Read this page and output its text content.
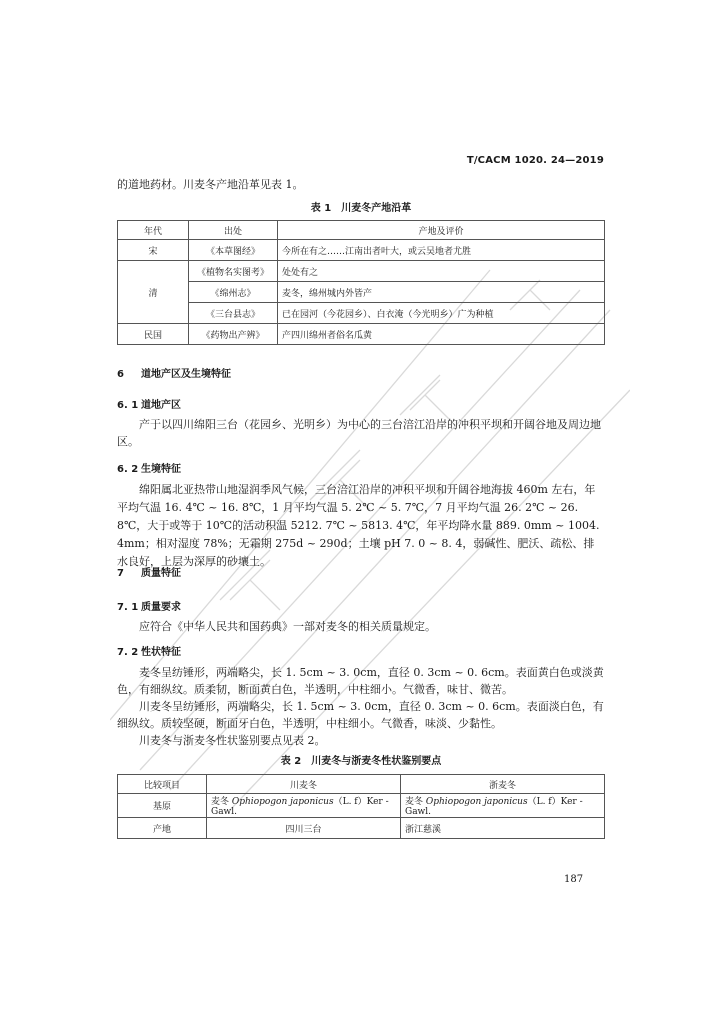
T/CACM 1020. 24—2019

的道地药材。川麦冬产地沿革见表 1。

表 1　川麦冬产地沿革
年代	出处	产地及评价
宋	《本草图经》	今所在有之……江南出者叶大，或云吴地者尤胜
清	《植物名实图考》	处处有之
	《绵州志》	麦冬，绵州城内外皆产
	《三台县志》	已在园河（今花园乡）、白衣淹（今光明乡）广为种植
民国	《药物出产辨》	产四川绵州者俗名瓜黄
6 道地产区及生境特征
6. 1 道地产区

产于以四川绵阳三台（花园乡、光明乡）为中心的三台涪江沿岸的冲积平坝和开阔谷地及周边地区。

6. 2 生境特征

绵阳属北亚热带山地湿润季风气候，三台涪江沿岸的冲积平坝和开阔谷地海拔 460m 左右，年平均气温 16. 4℃ ~ 16. 8℃，1 月平均气温 5. 2℃ ~ 5. 7℃，7 月平均气温 26. 2℃ ~ 26. 8℃，大于或等于 10℃的活动积温 5212. 7℃ ~ 5813. 4℃，年平均降水量 889. 0mm ~ 1004. 4mm；相对湿度 78%；无霜期 275d ~ 290d；土壤 pH 7. 0 ~ 8. 4，弱碱性、肥沃、疏松、排水良好，上层为深厚的砂壤土。

7 质量特征
7. 1 质量要求

应符合《中华人民共和国药典》一部对麦冬的相关质量规定。

7. 2 性状特征

麦冬呈纺锤形，两端略尖，长 1. 5cm ~ 3. 0cm，直径 0. 3cm ~ 0. 6cm。表面黄白色或淡黄色，有细纵纹。质柔韧，断面黄白色，半透明，中柱细小。气微香，味甘、微苦。

川麦冬呈纺锤形，两端略尖，长 1. 5cm ~ 3. 0cm，直径 0. 3cm ~ 0. 6cm。表面淡白色，有细纵纹。质较坚硬，断面牙白色，半透明，中柱细小。气微香，味淡、少黏性。

川麦冬与浙麦冬性状鉴别要点见表 2。

表 2　川麦冬与浙麦冬性状鉴别要点
比较项目	川麦冬	浙麦冬
基原	麦冬 Ophiopogon japonicus（L. f）Ker - Gawl.	麦冬 Ophiopogon japonicus（L. f）Ker - Gawl.
产地	四川三台	浙江慈溪
187
